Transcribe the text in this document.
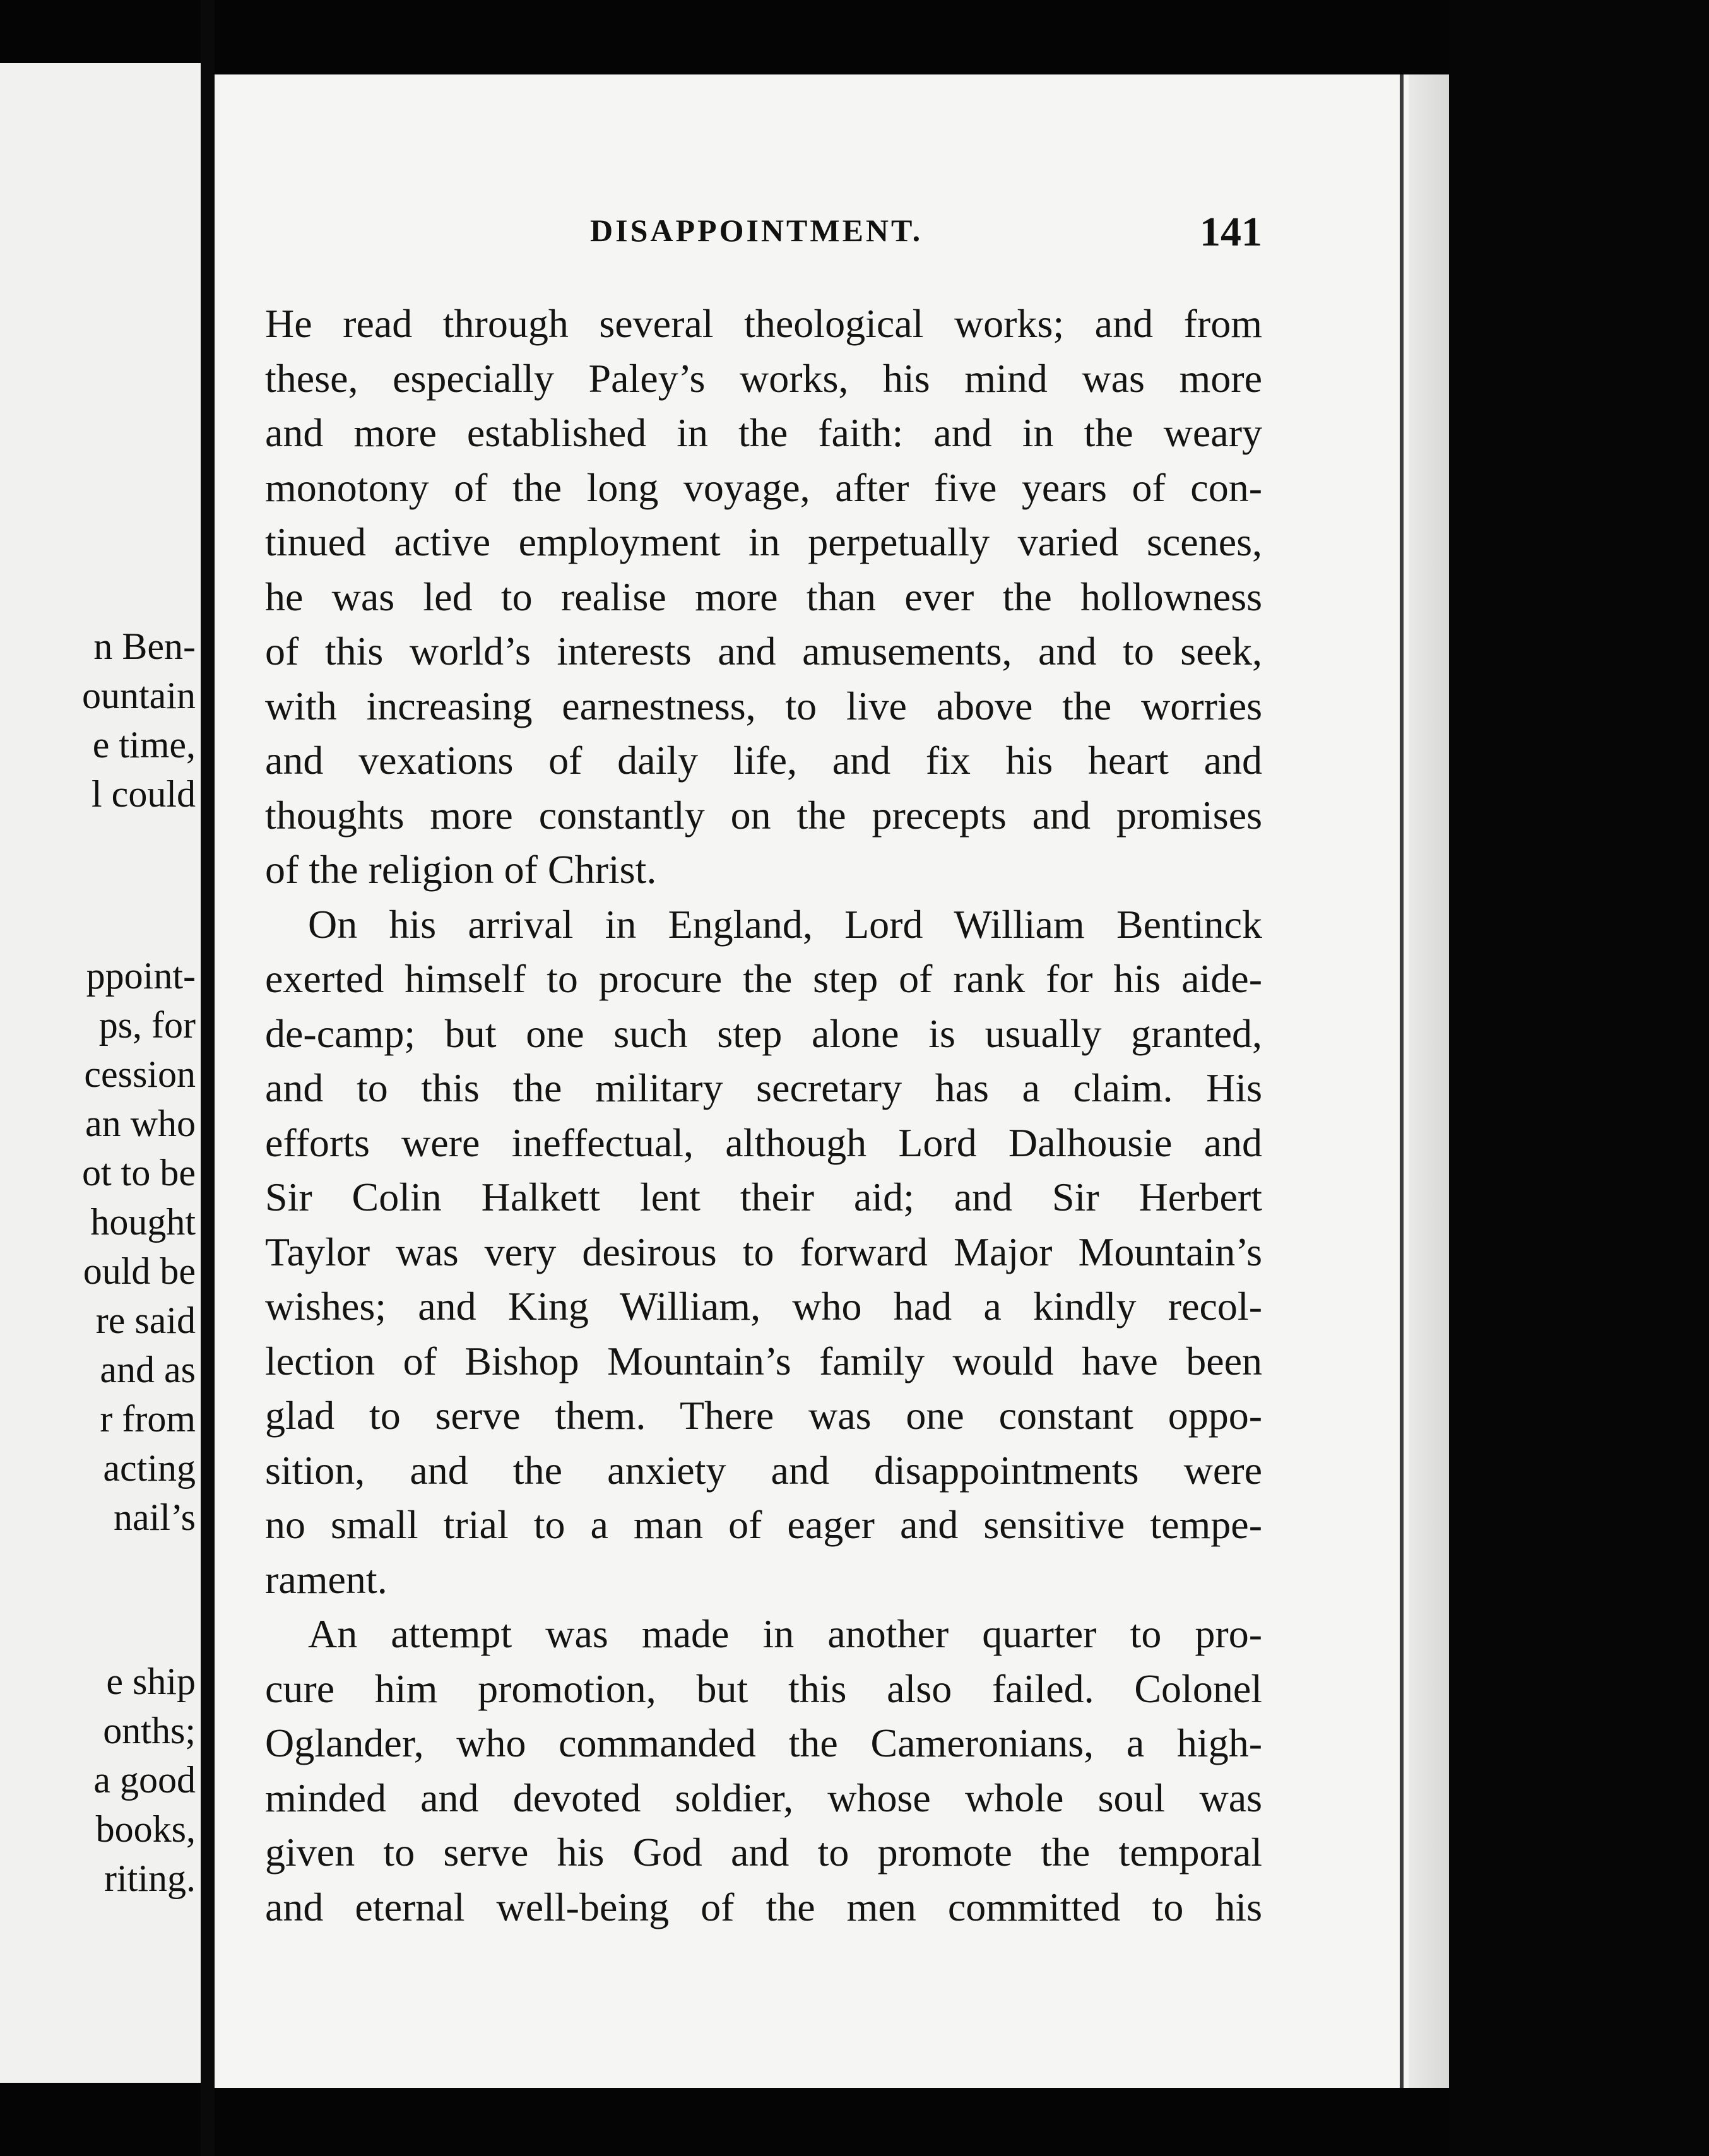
n Ben-
ountain
e time,
l could
ppoint-
ps, for
cession
an who
ot to be
hought
ould be
re said
and as
r from
acting
nail’s
e ship
onths;
a good
books,
riting.
DISAPPOINTMENT.	141
He read through several theological works; and from
these, especially Paley’s works, his mind was more
and more established in the faith: and in the weary
monotony of the long voyage, after five years of con-
tinued active employment in perpetually varied scenes,
he was led to realise more than ever the hollowness
of this world’s interests and amusements, and to seek,
with increasing earnestness, to live above the worries
and vexations of daily life, and fix his heart and
thoughts more constantly on the precepts and promises
of the religion of Christ.
On his arrival in England, Lord William Bentinck
exerted himself to procure the step of rank for his aide-
de-camp; but one such step alone is usually granted,
and to this the military secretary has a claim. His
efforts were ineffectual, although Lord Dalhousie and
Sir Colin Halkett lent their aid; and Sir Herbert
Taylor was very desirous to forward Major Mountain’s
wishes; and King William, who had a kindly recol-
lection of Bishop Mountain’s family would have been
glad to serve them. There was one constant oppo-
sition, and the anxiety and disappointments were
no small trial to a man of eager and sensitive tempe-
rament.
An attempt was made in another quarter to pro-
cure him promotion, but this also failed. Colonel
Oglander, who commanded the Cameronians, a high-
minded and devoted soldier, whose whole soul was
given to serve his God and to promote the temporal
and eternal well-being of the men committed to his
